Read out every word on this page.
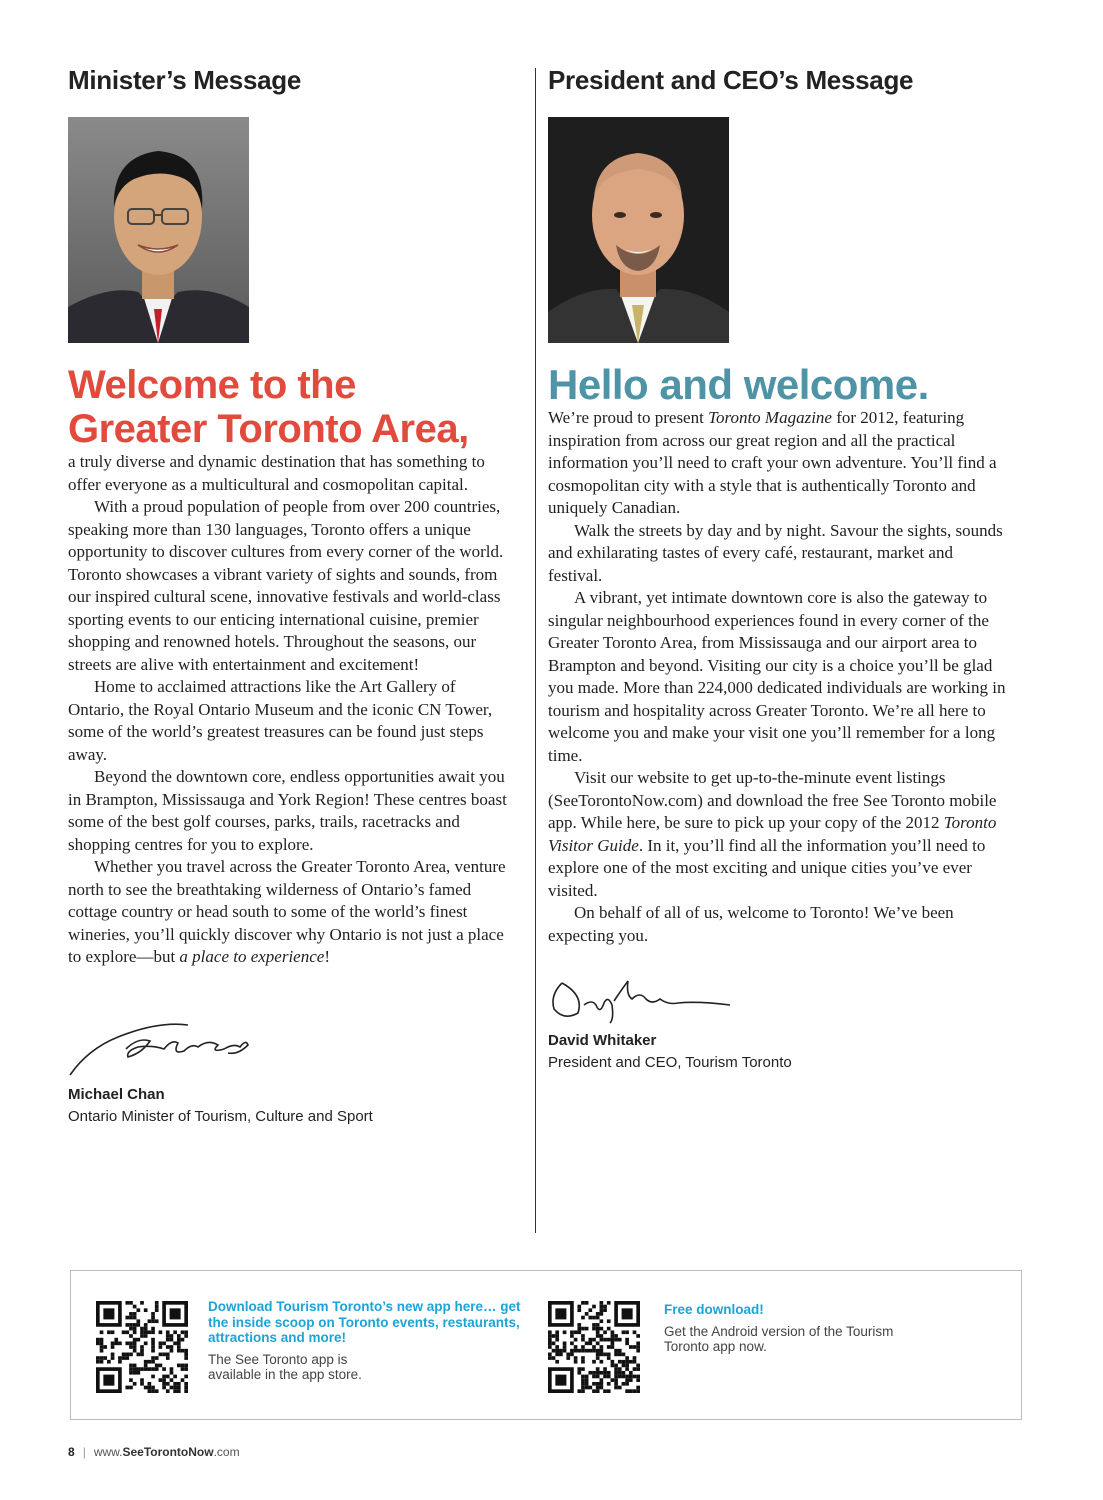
Minister’s Message
Welcome to the
Greater Toronto Area,

a truly diverse and dynamic destination that has something to offer everyone as a multicultural and cosmopolitan capital.

With a proud population of people from over 200 countries, speaking more than 130 languages, Toronto offers a unique opportunity to discover cultures from every corner of the world. Toronto showcases a vibrant variety of sights and sounds, from our inspired cultural scene, innovative festivals and world-class sporting events to our enticing international cuisine, premier shopping and renowned hotels. Throughout the seasons, our streets are alive with entertainment and excitement!

Home to acclaimed attractions like the Art Gallery of Ontario, the Royal Ontario Museum and the iconic CN Tower, some of the world’s greatest treasures can be found just steps away.

Beyond the downtown core, endless opportunities await you in Brampton, Mississauga and York Region! These centres boast some of the best golf courses, parks, trails, racetracks and shopping centres for you to explore.

Whether you travel across the Greater Toronto Area, venture north to see the breathtaking wilderness of Ontario’s famed cottage country or head south to some of the world’s finest wineries, you’ll quickly discover why Ontario is not just a place to explore—but a place to experience!

Michael Chan

Ontario Minister of Tourism, Culture and Sport

President and CEO’s Message
Hello and welcome.

We’re proud to present Toronto Magazine for 2012, featuring inspiration from across our great region and all the practical information you’ll need to craft your own adventure. You’ll find a cosmopolitan city with a style that is authentically Toronto and uniquely Canadian.

Walk the streets by day and by night. Savour the sights, sounds and exhilarating tastes of every café, restaurant, market and festival.

A vibrant, yet intimate downtown core is also the gateway to singular neighbourhood experiences found in every corner of the Greater Toronto Area, from Mississauga and our airport area to Brampton and beyond. Visiting our city is a choice you’ll be glad you made. More than 224,000 dedicated individuals are working in tourism and hospitality across Greater Toronto. We’re all here to welcome you and make your visit one you’ll remember for a long time.

Visit our website to get up-to-the-minute event listings (SeeTorontoNow.com) and download the free See Toronto mobile app. While here, be sure to pick up your copy of the 2012 Toronto Visitor Guide. In it, you’ll find all the information you’ll need to explore one of the most exciting and unique cities you’ve ever visited.

On behalf of all of us, welcome to Toronto! We’ve been expecting you.

David Whitaker

President and CEO, Tourism Toronto

Download Tourism Toronto’s new app here… get the inside scoop on Toronto events, restaurants, attractions and more!

The See Toronto app is available in the app store.

Free download!

Get the Android version of the Tourism Toronto app now.

8 | www.SeeTorontoNow.com
